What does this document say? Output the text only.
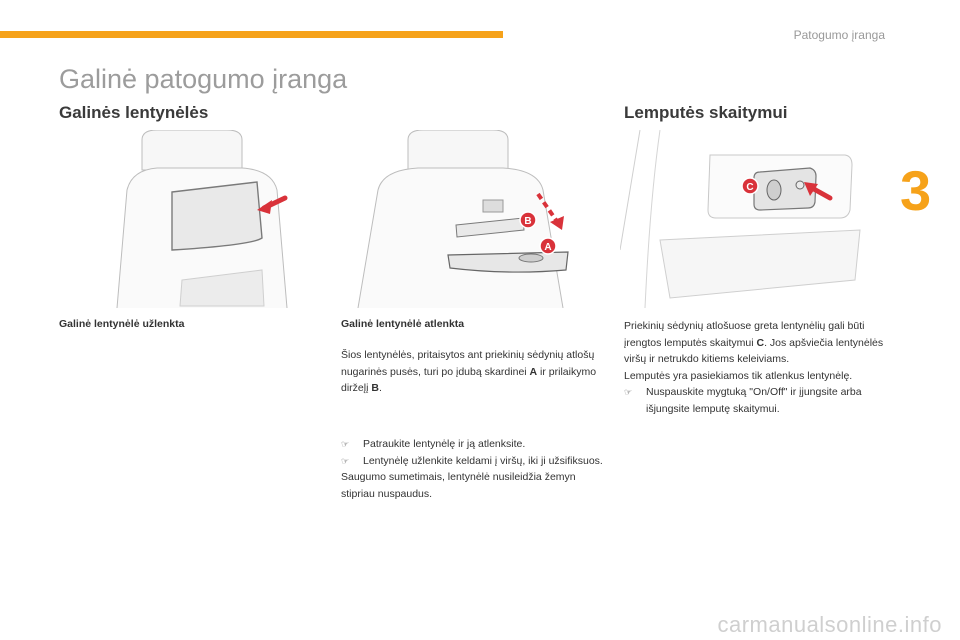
Patogumo įranga
3
Galinė patogumo įranga
Galinės lentynėlės	Lemputės skaitymui
B
A
C
Galinė lentynėlė užlenkta	Galinė lentynėlė atlenkta

Šios lentynėlės, pritaisytos ant priekinių sėdynių atlošų nugarinės pusės, turi po įdubą skardinei A ir prilaikymo diržel̨į B.

☞	Patraukite lentynėlę ir ją atlenksite.
☞	Lentynėlę užlenkite keldami į viršų, iki ji užsifiksuos.

Saugumo sumetimais, lentynėlė nusileidžia žemyn stipriau nuspaudus.

Priekinių sėdynių atlošuose greta lentynėlių gali būti įrengtos lemputės skaitymui C. Jos apšviečia lentynėlės viršų ir netrukdo kitiems keleiviams.

Lemputės yra pasiekiamos tik atlenkus lentynėlę.

☞	Nuspauskite mygtuką "On/Off" ir įjungsite arba išjungsite lemputę skaitymui.
carmanualsonline.info
